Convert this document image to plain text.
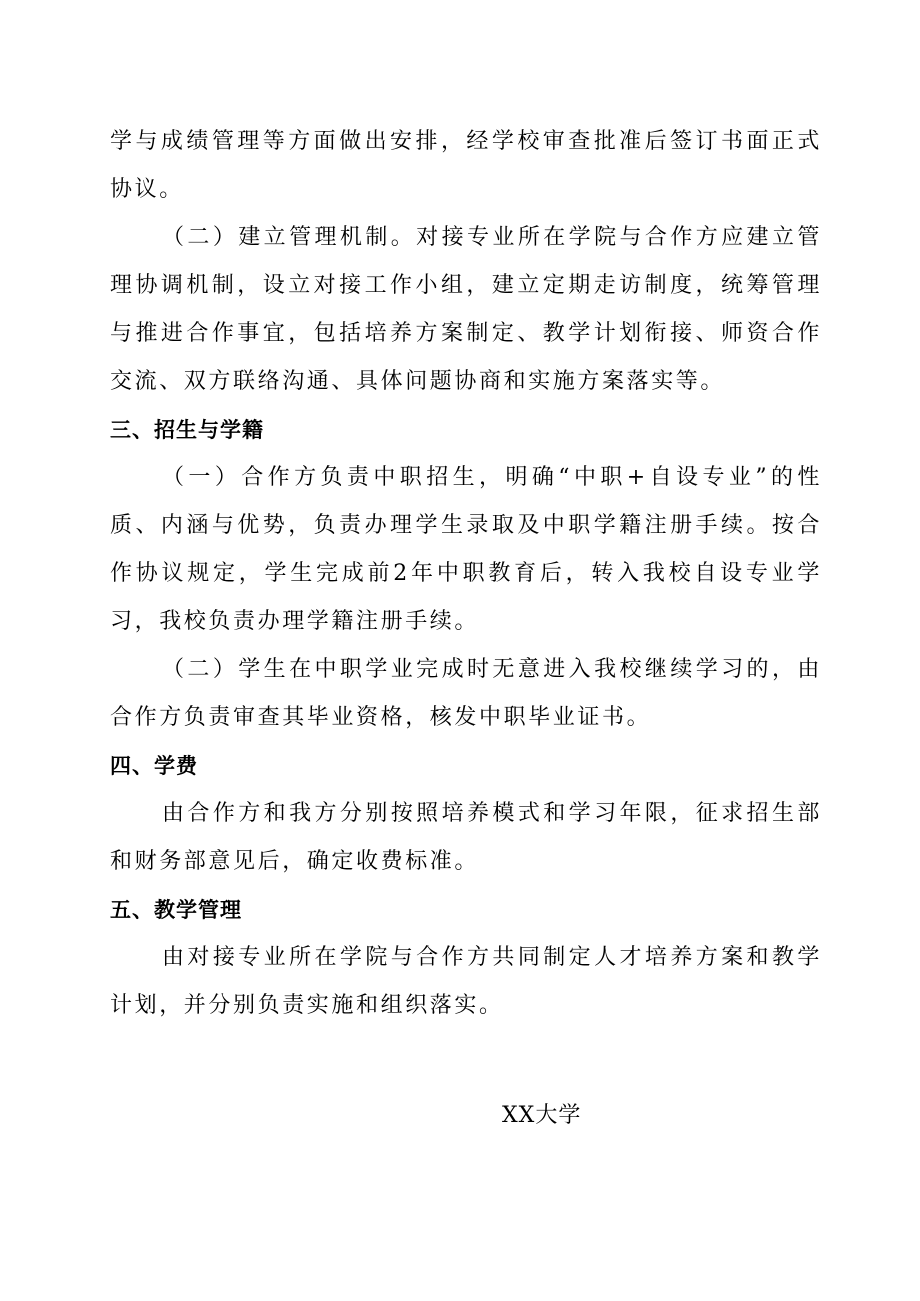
学与成绩管理等方面做出安排，经学校审查批准后签订书面正式协议。

（二）建立管理机制。对接专业所在学院与合作方应建立管理协调机制，设立对接工作小组，建立定期走访制度，统筹管理与推进合作事宜，包括培养方案制定、教学计划衔接、师资合作交流、双方联络沟通、具体问题协商和实施方案落实等。

三、招生与学籍

（一）合作方负责中职招生，明确“中职+自设专业”的性质、内涵与优势，负责办理学生录取及中职学籍注册手续。按合作协议规定，学生完成前2年中职教育后，转入我校自设专业学习，我校负责办理学籍注册手续。

（二）学生在中职学业完成时无意进入我校继续学习的，由合作方负责审查其毕业资格，核发中职毕业证书。

四、学费

由合作方和我方分别按照培养模式和学习年限，征求招生部和财务部意见后，确定收费标准。

五、教学管理

由对接专业所在学院与合作方共同制定人才培养方案和教学计划，并分别负责实施和组织落实。

XX大学
